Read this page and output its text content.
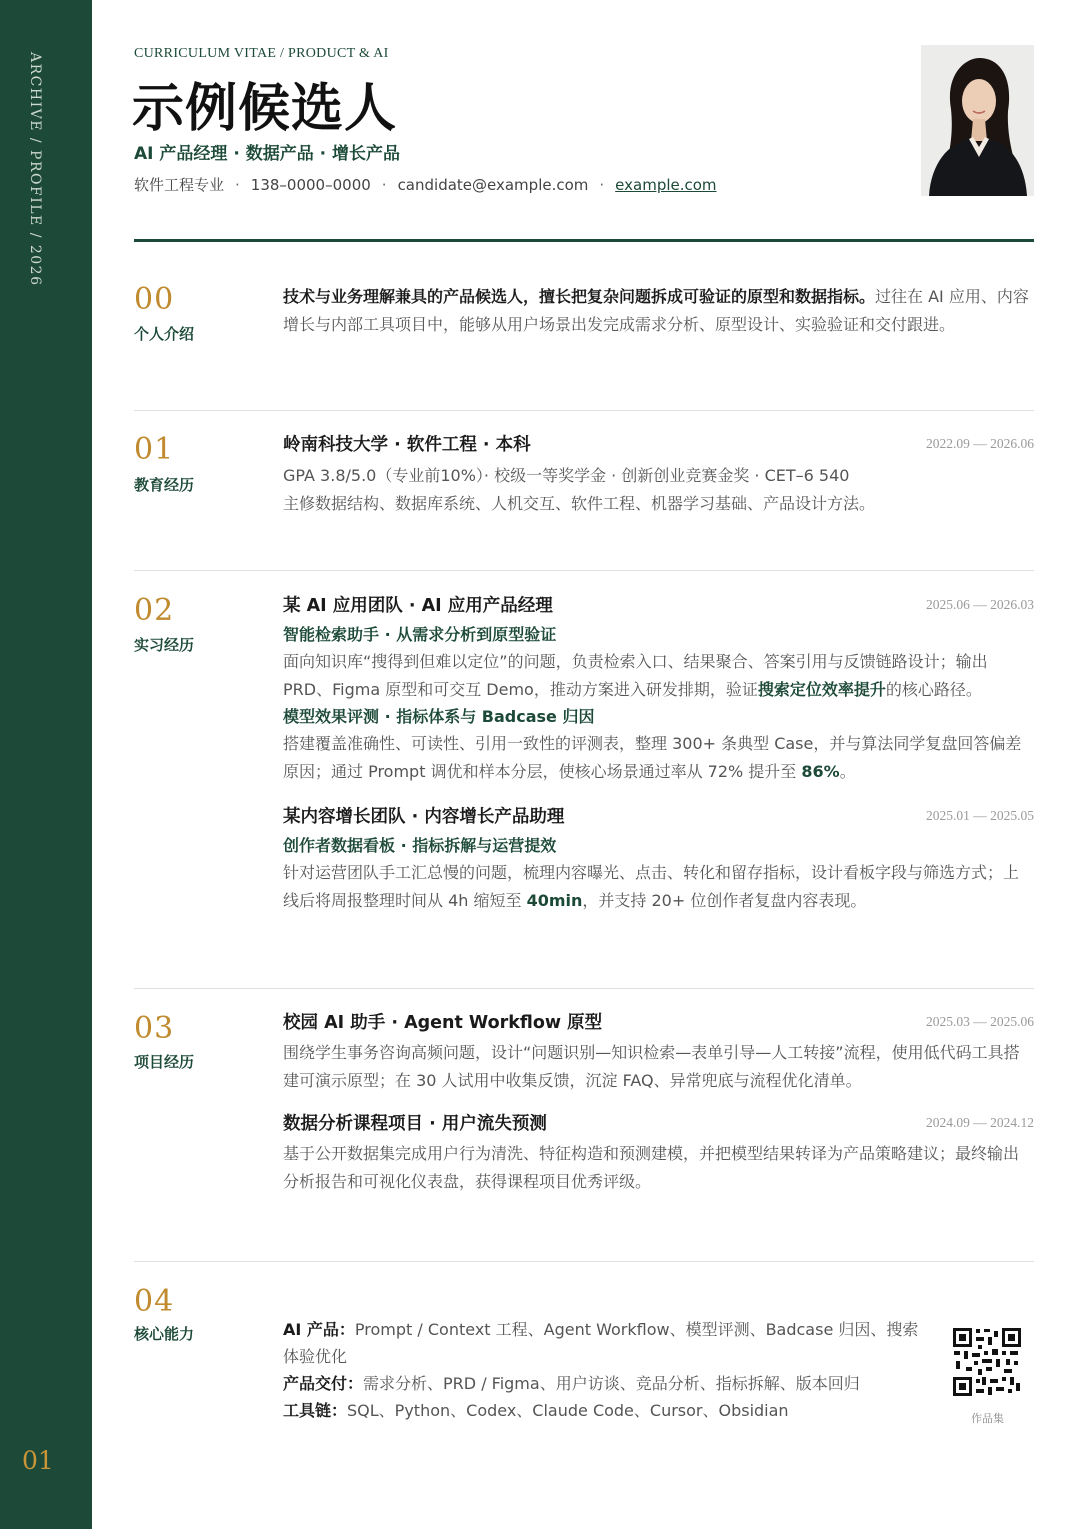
ARCHIVE / PROFILE / 2026
01
CURRICULUM VITAE / PRODUCT & AI
示例候选人
AI 产品经理 · 数据产品 · 增长产品
软件工程专业 · 138–0000–0000 · candidate@example.com · example.com
00
个人介绍

技术与业务理解兼具的产品候选人，擅长把复杂问题拆成可验证的原型和数据指标。过往在 AI 应用、内容增长与内部工具项目中，能够从用户场景出发完成需求分析、原型设计、实验验证和交付跟进。

01
教育经历
岭南科技大学 · 软件工程 · 本科	2022.09 — 2026.06

GPA 3.8/5.0（专业前10%）· 校级一等奖学金 · 创新创业竞赛金奖 · CET–6 540

主修数据结构、数据库系统、人机交互、软件工程、机器学习基础、产品设计方法。

02
实习经历
某 AI 应用团队 · AI 应用产品经理	2025.06 — 2026.03
智能检索助手 · 从需求分析到原型验证

面向知识库“搜得到但难以定位”的问题，负责检索入口、结果聚合、答案引用与反馈链路设计；输出 PRD、Figma 原型和可交互 Demo，推动方案进入研发排期，验证搜索定位效率提升的核心路径。

模型效果评测 · 指标体系与 Badcase 归因

搭建覆盖准确性、可读性、引用一致性的评测表，整理 300+ 条典型 Case，并与算法同学复盘回答偏差原因；通过 Prompt 调优和样本分层，使核心场景通过率从 72% 提升至 86%。

某内容增长团队 · 内容增长产品助理	2025.01 — 2025.05
创作者数据看板 · 指标拆解与运营提效

针对运营团队手工汇总慢的问题，梳理内容曝光、点击、转化和留存指标，设计看板字段与筛选方式；上线后将周报整理时间从 4h 缩短至 40min，并支持 20+ 位创作者复盘内容表现。

03
项目经历
校园 AI 助手 · Agent Workflow 原型	2025.03 — 2025.06

围绕学生事务咨询高频问题，设计“问题识别—知识检索—表单引导—人工转接”流程，使用低代码工具搭建可演示原型；在 30 人试用中收集反馈，沉淀 FAQ、异常兜底与流程优化清单。

数据分析课程项目 · 用户流失预测	2024.09 — 2024.12

基于公开数据集完成用户行为清洗、特征构造和预测建模，并把模型结果转译为产品策略建议；最终输出分析报告和可视化仪表盘，获得课程项目优秀评级。

04
核心能力	AI 产品：Prompt / Context 工程、Agent Workflow、模型评测、Badcase 归因、搜索体验优化

产品交付：需求分析、PRD / Figma、用户访谈、竞品分析、指标拆解、版本回归

工具链：SQL、Python、Codex、Claude Code、Cursor、Obsidian	作品集
